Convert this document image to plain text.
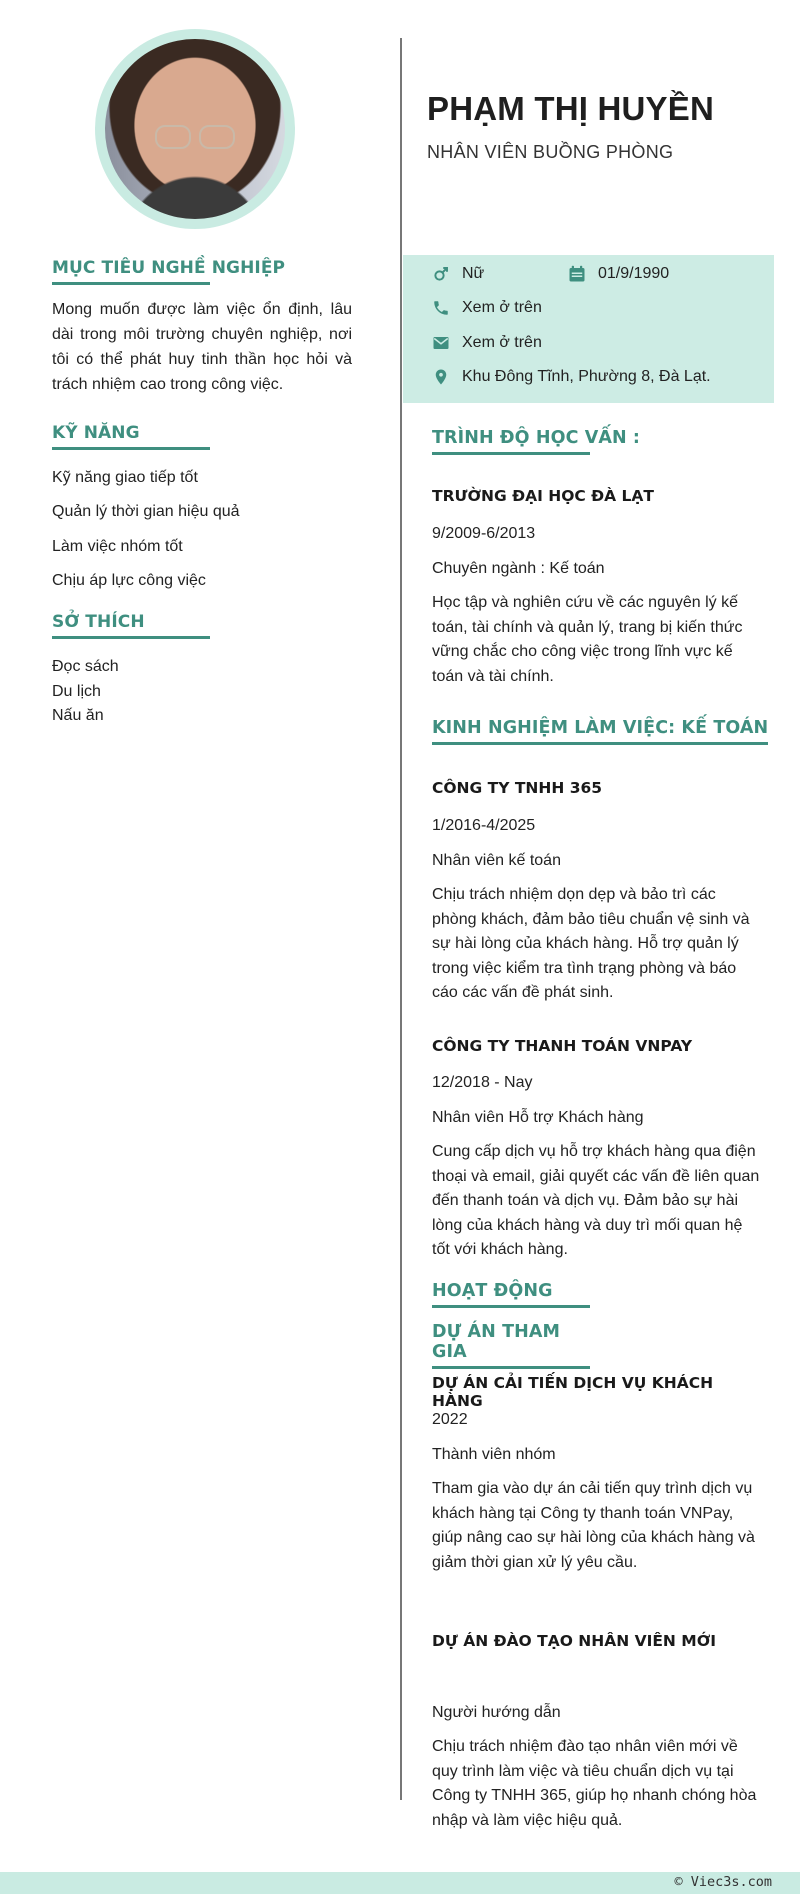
MỤC TIÊU NGHỀ NGHIỆP

Mong muốn được làm việc ổn định, lâu dài trong môi trường chuyên nghiệp, nơi tôi có thể phát huy tinh thần học hỏi và trách nhiệm cao trong công việc.

KỸ NĂNG
Kỹ năng giao tiếp tốt
Quản lý thời gian hiệu quả
Làm việc nhóm tốt
Chịu áp lực công việc
SỞ THÍCH
Đọc sách
Du lịch
Nấu ăn
PHẠM THỊ HUYỀN
NHÂN VIÊN BUỒNG PHÒNG
Nữ	01/9/1990
Xem ở trên
Xem ở trên
Khu Đông Tĩnh, Phường 8, Đà Lạt.
TRÌNH ĐỘ HỌC VẤN :
TRƯỜNG ĐẠI HỌC ĐÀ LẠT
9/2009-6/2013
Chuyên ngành : Kế toán
Học tập và nghiên cứu về các nguyên lý kế toán, tài chính và quản lý, trang bị kiến thức vững chắc cho công việc trong lĩnh vực kế toán và tài chính.
KINH NGHIỆM LÀM VIỆC: KẾ TOÁN
CÔNG TY TNHH 365
1/2016-4/2025
Nhân viên kế toán
Chịu trách nhiệm dọn dẹp và bảo trì các phòng khách, đảm bảo tiêu chuẩn vệ sinh và sự hài lòng của khách hàng. Hỗ trợ quản lý trong việc kiểm tra tình trạng phòng và báo cáo các vấn đề phát sinh.
CÔNG TY THANH TOÁN VNPAY
12/2018 - Nay
Nhân viên Hỗ trợ Khách hàng
Cung cấp dịch vụ hỗ trợ khách hàng qua điện thoại và email, giải quyết các vấn đề liên quan đến thanh toán và dịch vụ. Đảm bảo sự hài lòng của khách hàng và duy trì mối quan hệ tốt với khách hàng.
HOẠT ĐỘNG
DỰ ÁN THAM GIA
DỰ ÁN CẢI TIẾN DỊCH VỤ KHÁCH HÀNG
2022
Thành viên nhóm
Tham gia vào dự án cải tiến quy trình dịch vụ khách hàng tại Công ty thanh toán VNPay, giúp nâng cao sự hài lòng của khách hàng và giảm thời gian xử lý yêu cầu.
DỰ ÁN ĐÀO TẠO NHÂN VIÊN MỚI
Người hướng dẫn
Chịu trách nhiệm đào tạo nhân viên mới về quy trình làm việc và tiêu chuẩn dịch vụ tại Công ty TNHH 365, giúp họ nhanh chóng hòa nhập và làm việc hiệu quả.
© Viec3s.com
